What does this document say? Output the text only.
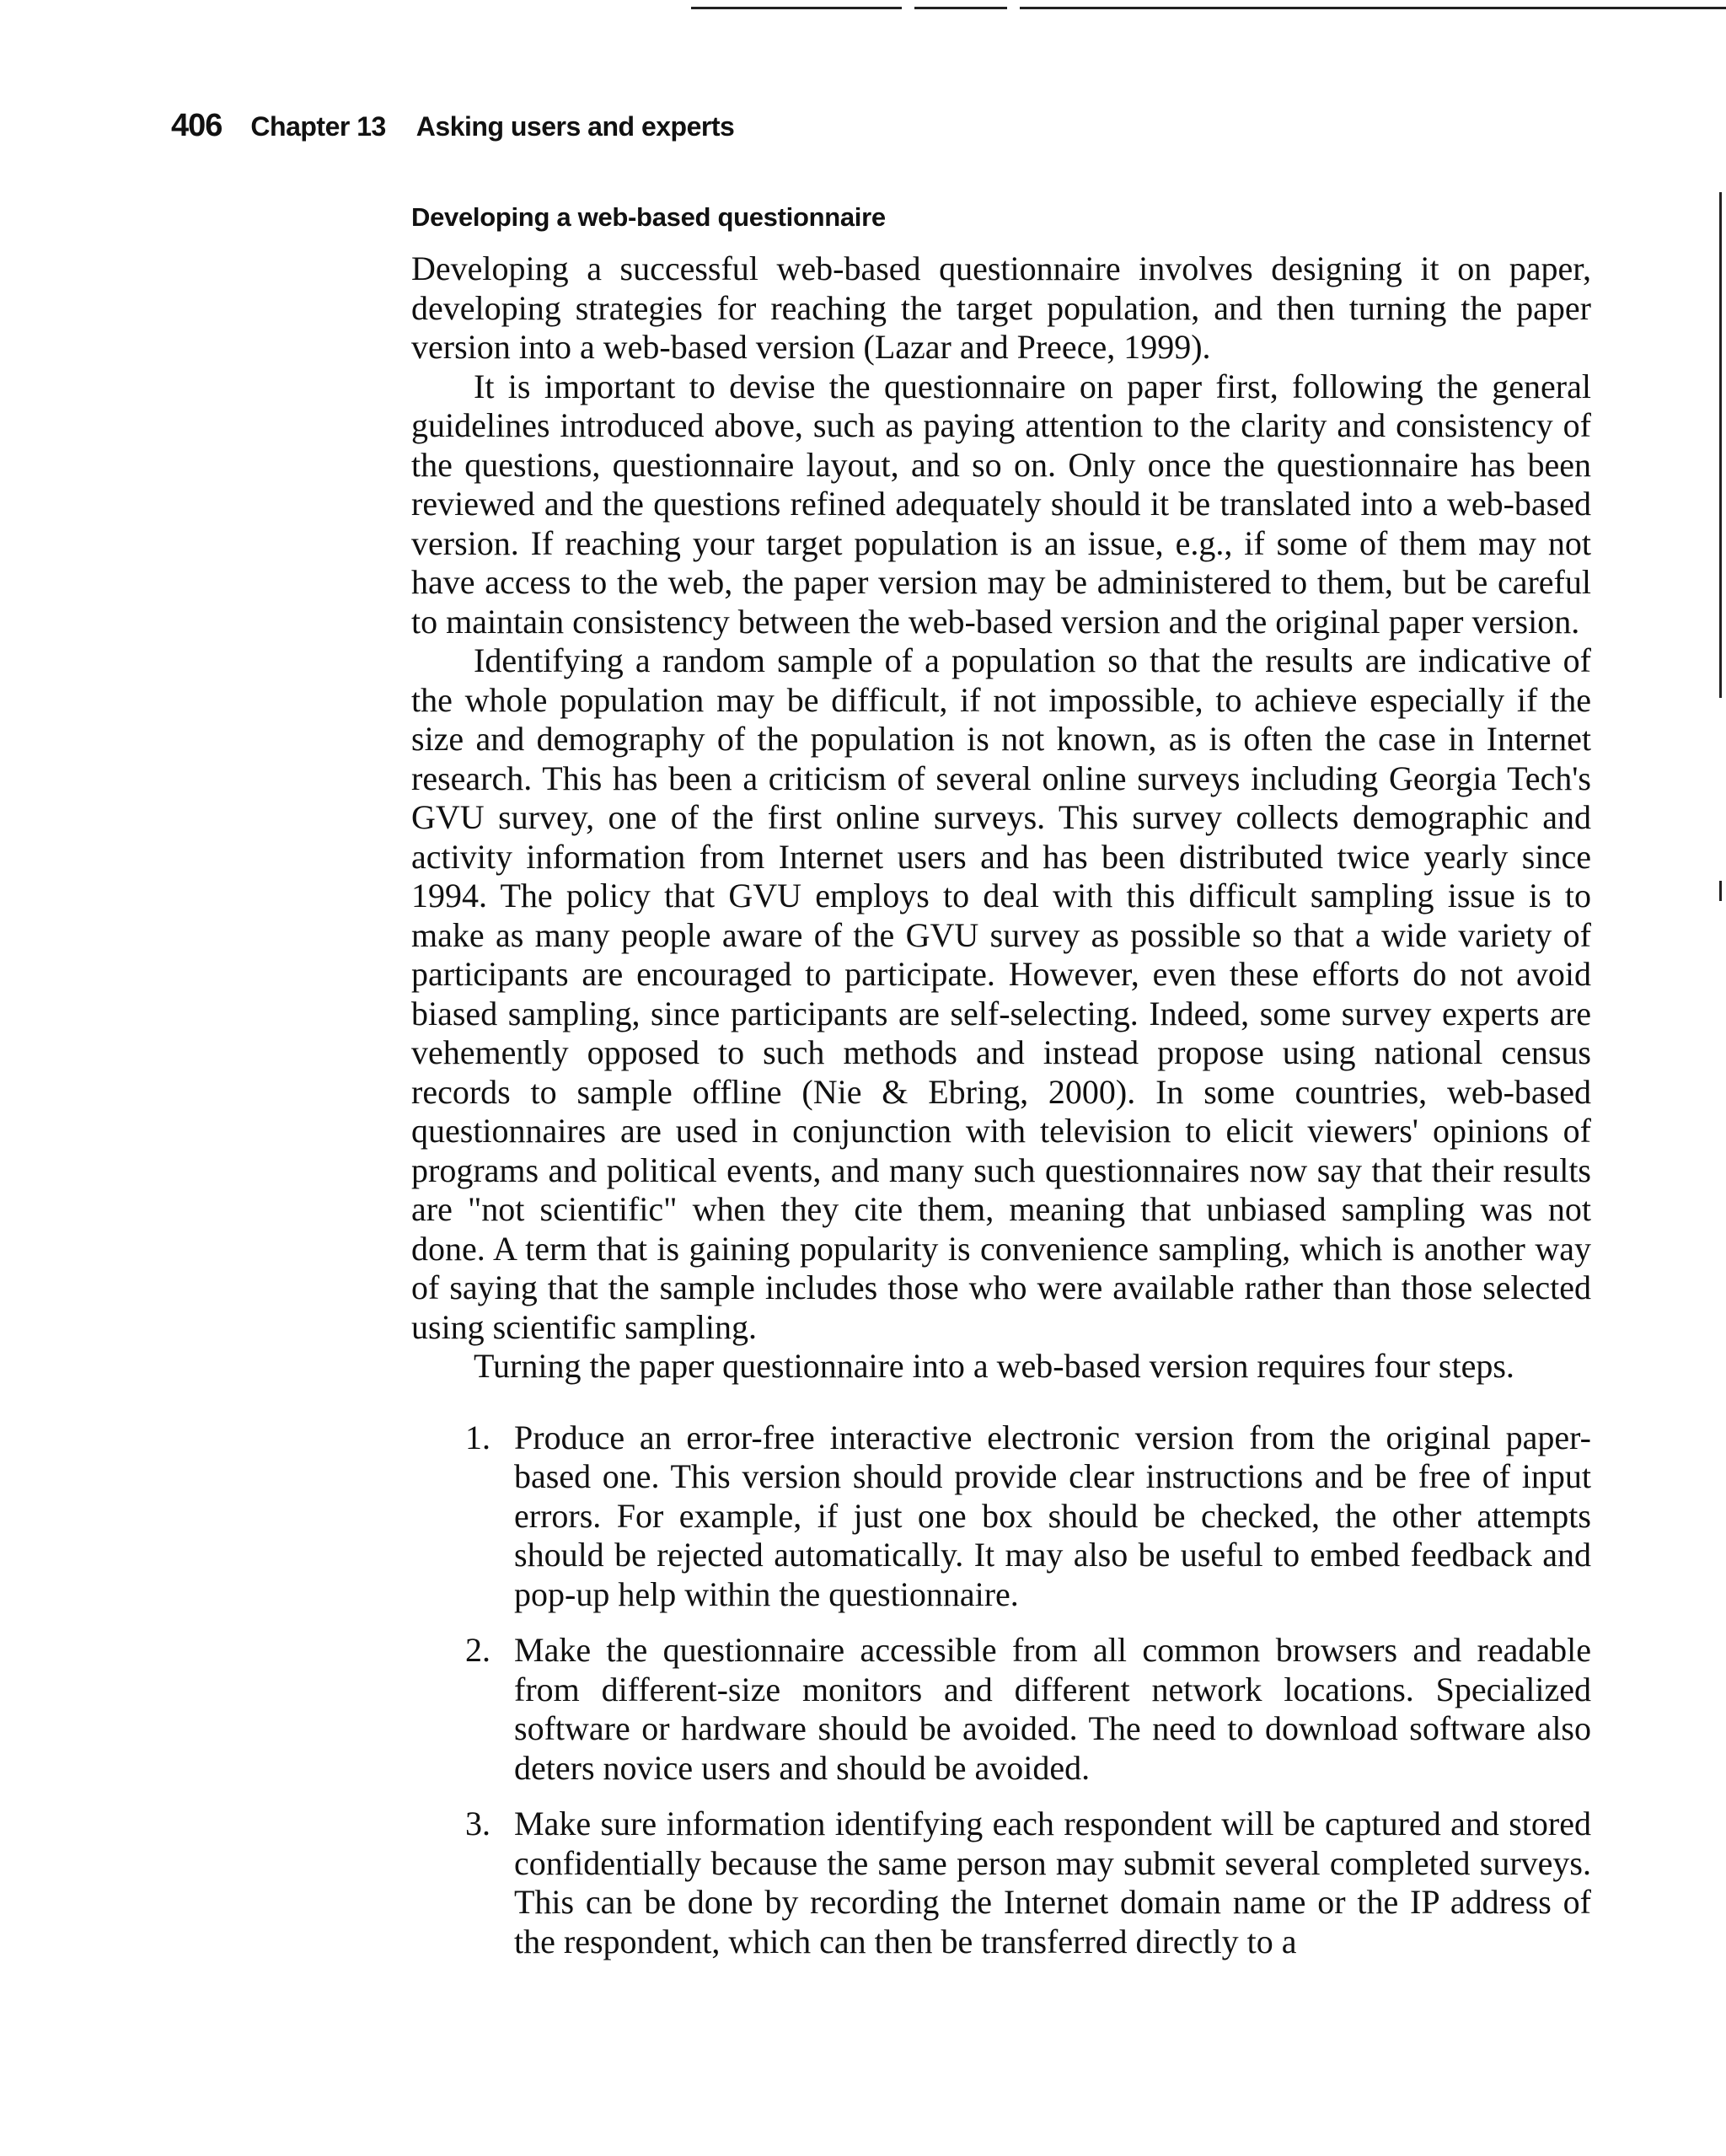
406 Chapter 13 Asking users and experts
Developing a web-based questionnaire

Developing a successful web-based questionnaire involves designing it on paper, developing strategies for reaching the target population, and then turning the paper version into a web-based version (Lazar and Preece, 1999).

It is important to devise the questionnaire on paper first, following the general guidelines introduced above, such as paying attention to the clarity and consistency of the questions, questionnaire layout, and so on. Only once the questionnaire has been reviewed and the questions refined adequately should it be translated into a web-based version. If reaching your target population is an issue, e.g., if some of them may not have access to the web, the paper version may be administered to them, but be careful to maintain consistency between the web-based version and the original paper version.

Identifying a random sample of a population so that the results are indicative of the whole population may be difficult, if not impossible, to achieve especially if the size and demography of the population is not known, as is often the case in Internet research. This has been a criticism of several online surveys including Georgia Tech's GVU survey, one of the first online surveys. This survey collects demographic and activity information from Internet users and has been distributed twice yearly since 1994. The policy that GVU employs to deal with this difficult sampling issue is to make as many people aware of the GVU survey as possible so that a wide variety of participants are encouraged to participate. However, even these efforts do not avoid biased sampling, since participants are self-selecting. Indeed, some survey experts are vehemently opposed to such methods and instead propose using national census records to sample offline (Nie & Ebring, 2000). In some countries, web-based questionnaires are used in conjunction with television to elicit viewers' opinions of programs and political events, and many such questionnaires now say that their results are "not scientific" when they cite them, meaning that unbiased sampling was not done. A term that is gaining popularity is convenience sampling, which is another way of saying that the sample includes those who were available rather than those selected using scientific sampling.

Turning the paper questionnaire into a web-based version requires four steps.

1. Produce an error-free interactive electronic version from the original paper-based one. This version should provide clear instructions and be free of input errors. For example, if just one box should be checked, the other attempts should be rejected automatically. It may also be useful to embed feedback and pop-up help within the questionnaire.
2. Make the questionnaire accessible from all common browsers and readable from different-size monitors and different network locations. Specialized software or hardware should be avoided. The need to download software also deters novice users and should be avoided.
3. Make sure information identifying each respondent will be captured and stored confidentially because the same person may submit several completed surveys. This can be done by recording the Internet domain name or the IP address of the respondent, which can then be transferred directly to a
